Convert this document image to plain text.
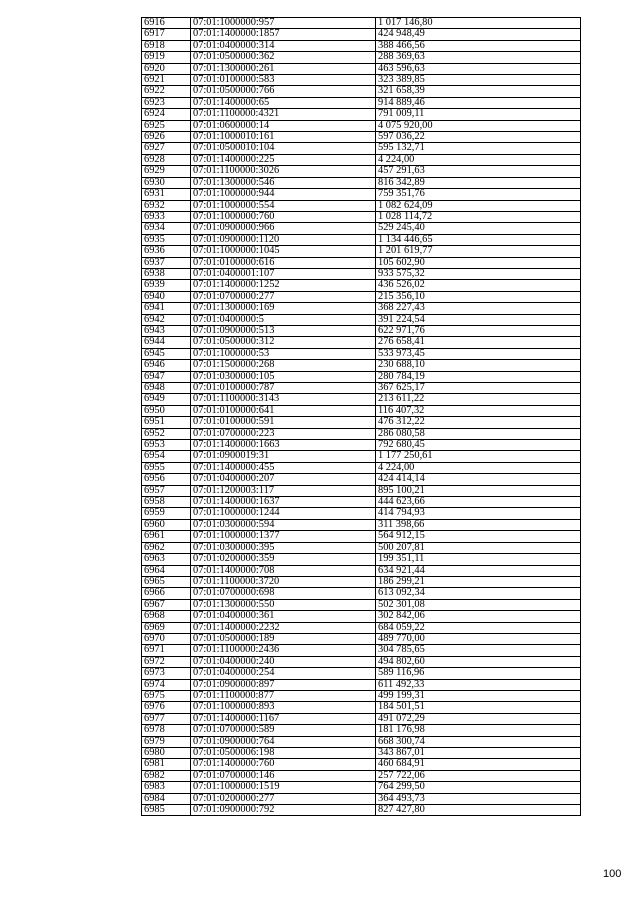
6916	07:01:1000000:957	1 017 146,80
6917	07:01:1400000:1857	424 948,49
6918	07:01:0400000:314	388 466,56
6919	07:01:0500000:362	288 369,63
6920	07:01:1300000:261	463 596,63
6921	07:01:0100000:583	323 389,85
6922	07:01:0500000:766	321 658,39
6923	07:01:1400000:65	914 889,46
6924	07:01:1100000:4321	791 009,11
6925	07:01:0600000:14	4 075 920,00
6926	07:01:1000010:161	597 036,22
6927	07:01:0500010:104	595 132,71
6928	07:01:1400000:225	4 224,00
6929	07:01:1100000:3026	457 291,63
6930	07:01:1300000:546	816 342,89
6931	07:01:1000000:944	759 351,76
6932	07:01:1000000:554	1 082 624,09
6933	07:01:1000000:760	1 028 114,72
6934	07:01:0900000:966	529 245,40
6935	07:01:0900000:1120	1 134 446,65
6936	07:01:1000000:1045	1 201 619,77
6937	07:01:0100000:616	105 602,90
6938	07:01:0400001:107	933 575,32
6939	07:01:1400000:1252	436 526,02
6940	07:01:0700000:277	215 356,10
6941	07:01:1300000:169	368 227,43
6942	07:01:0400000:5	391 224,54
6943	07:01:0900000:513	622 971,76
6944	07:01:0500000:312	276 658,41
6945	07:01:1000000:53	533 973,45
6946	07:01:1500000:268	230 688,10
6947	07:01:0300000:105	280 784,19
6948	07:01:0100000:787	367 625,17
6949	07:01:1100000:3143	213 611,22
6950	07:01:0100000:641	116 407,32
6951	07:01:0100000:591	476 312,22
6952	07:01:0700000:223	286 080,58
6953	07:01:1400000:1663	792 680,45
6954	07:01:0900019:31	1 177 250,61
6955	07:01:1400000:455	4 224,00
6956	07:01:0400000:207	424 414,14
6957	07:01:1200003:117	895 100,21
6958	07:01:1400000:1637	444 623,66
6959	07:01:1000000:1244	414 794,93
6960	07:01:0300000:594	311 398,66
6961	07:01:1000000:1377	564 912,15
6962	07:01:0300000:395	500 207,81
6963	07:01:0200000:359	199 351,11
6964	07:01:1400000:708	634 921,44
6965	07:01:1100000:3720	186 299,21
6966	07:01:0700000:698	613 092,34
6967	07:01:1300000:550	502 301,08
6968	07:01:0400000:361	302 842,06
6969	07:01:1400000:2232	684 059,22
6970	07:01:0500000:189	489 770,00
6971	07:01:1100000:2436	304 785,65
6972	07:01:0400000:240	494 802,60
6973	07:01:0400000:254	589 116,96
6974	07:01:0900000:897	611 492,33
6975	07:01:1100000:877	499 199,31
6976	07:01:1000000:893	184 501,51
6977	07:01:1400000:1167	491 072,29
6978	07:01:0700000:589	181 176,98
6979	07:01:0900000:764	668 300,74
6980	07:01:0500006:198	343 867,01
6981	07:01:1400000:760	460 684,91
6982	07:01:0700000:146	257 722,06
6983	07:01:1000000:1519	764 299,50
6984	07:01:0200000:277	364 493,73
6985	07:01:0900000:792	827 427,80
100
